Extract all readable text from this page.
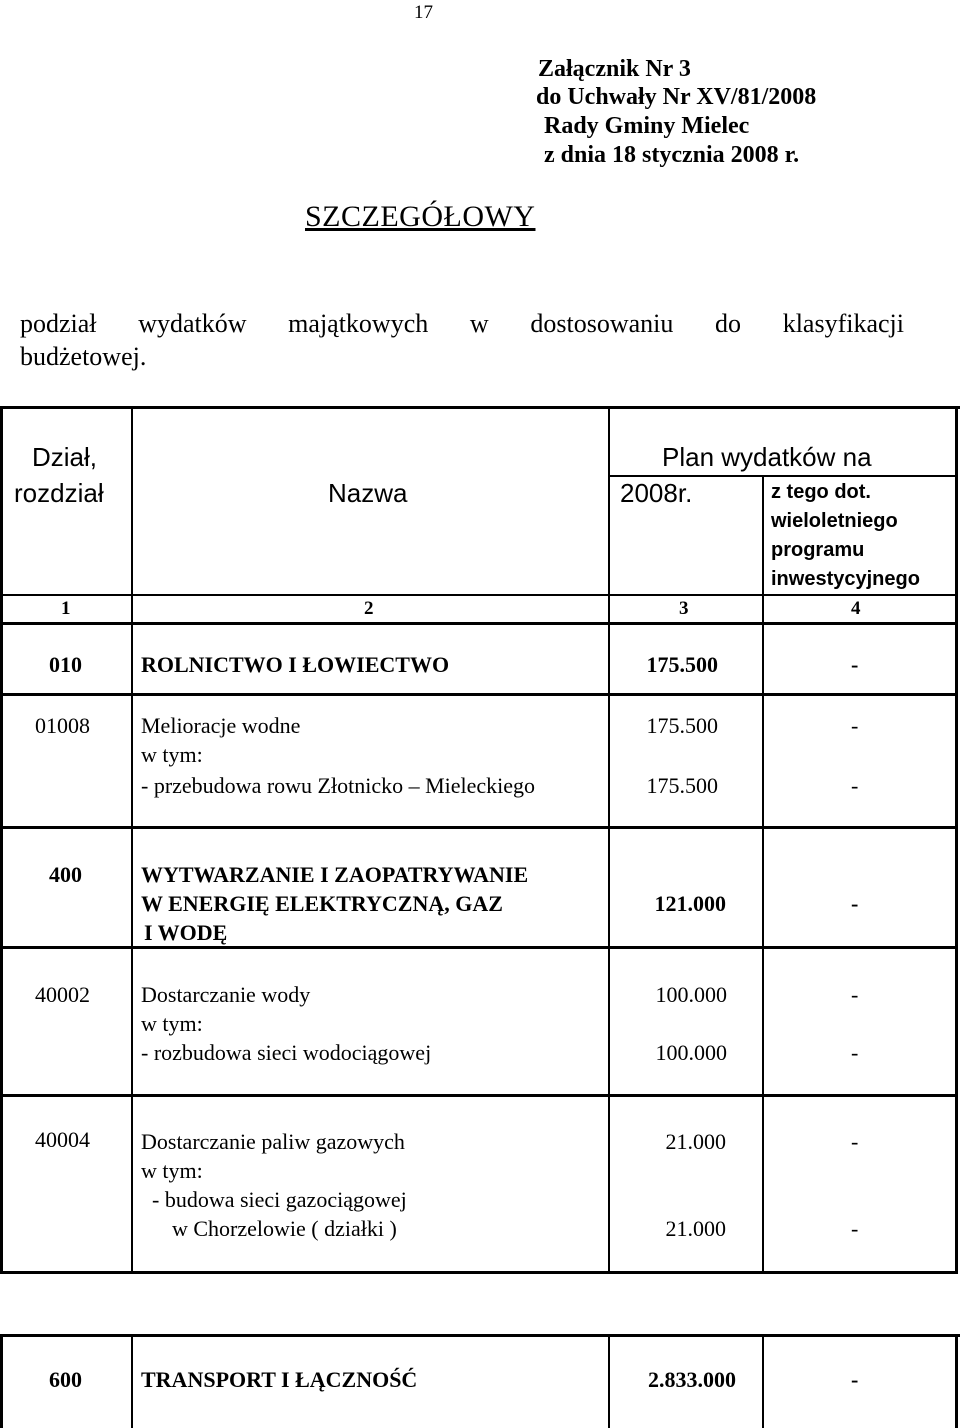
17
Załącznik Nr 3
do Uchwały Nr XV/81/2008
Rady Gminy Mielec
z dnia 18 stycznia 2008 r.
SZCZEGÓŁOWY
podział wydatków majątkowych w dostosowaniu do klasyfikacji
budżetowej.
Dział,
rozdział	Nazwa
Plan wydatków na
2008r.	z tego dot.
wieloletniego
programu
inwestycyjnego
1	2	3	4
010	ROLNICTWO I ŁOWIECTWO	175.500	-
01008 Melioracje wodne	175.500	-
w tym:
- przebudowa rowu Złotnicko – Mieleckiego	175.500	-
400	WYTWARZANIE I ZAOPATRYWANIE
W ENERGIĘ ELEKTRYCZNĄ, GAZ
I WODĘ
121.000	-
40002 Dostarczanie wody	100.000	-
w tym:
- rozbudowa sieci wodociągowej	100.000	-
40004 Dostarczanie paliw gazowych	21.000	-
w tym:
- budowa sieci gazociągowej
w Chorzelowie ( działki )	21.000	-
600	TRANSPORT I ŁĄCZNOŚĆ	2.833.000	-
